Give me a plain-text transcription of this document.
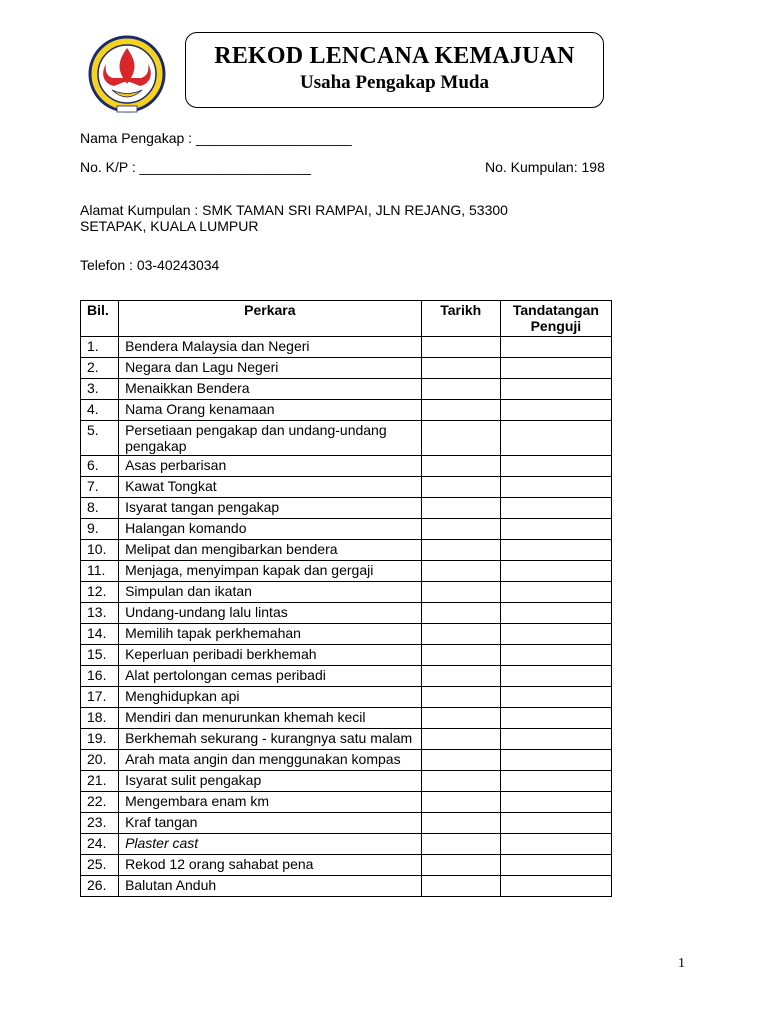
REKOD LENCANA KEMAJUAN
Usaha Pengakap Muda
Nama Pengakap : ____________________
No. K/P : ______________________	No. Kumpulan: 198
Alamat Kumpulan : SMK TAMAN SRI RAMPAI, JLN REJANG, 53300
SETAPAK, KUALA LUMPUR
Telefon : 03-40243034
Bil.	Perkara	Tarikh	Tandatangan Penguji
1.	Bendera Malaysia dan Negeri		
2.	Negara dan Lagu Negeri		
3.	Menaikkan Bendera		
4.	Nama Orang kenamaan		
5.	Persetiaan pengakap dan undang-undang pengakap		
6.	Asas perbarisan		
7.	Kawat Tongkat		
8.	Isyarat tangan pengakap		
9.	Halangan komando		
10.	Melipat dan mengibarkan bendera		
11.	Menjaga, menyimpan kapak dan gergaji		
12.	Simpulan dan ikatan		
13.	Undang-undang lalu lintas		
14.	Memilih tapak perkhemahan		
15.	Keperluan peribadi berkhemah		
16.	Alat pertolongan cemas peribadi		
17.	Menghidupkan api		
18.	Mendiri dan menurunkan khemah kecil		
19.	Berkhemah sekurang - kurangnya satu malam		
20.	Arah mata angin dan menggunakan kompas		
21.	Isyarat sulit pengakap		
22.	Mengembara enam km		
23.	Kraf tangan		
24.	Plaster cast		
25.	Rekod 12 orang sahabat pena		
26.	Balutan Anduh		
1
